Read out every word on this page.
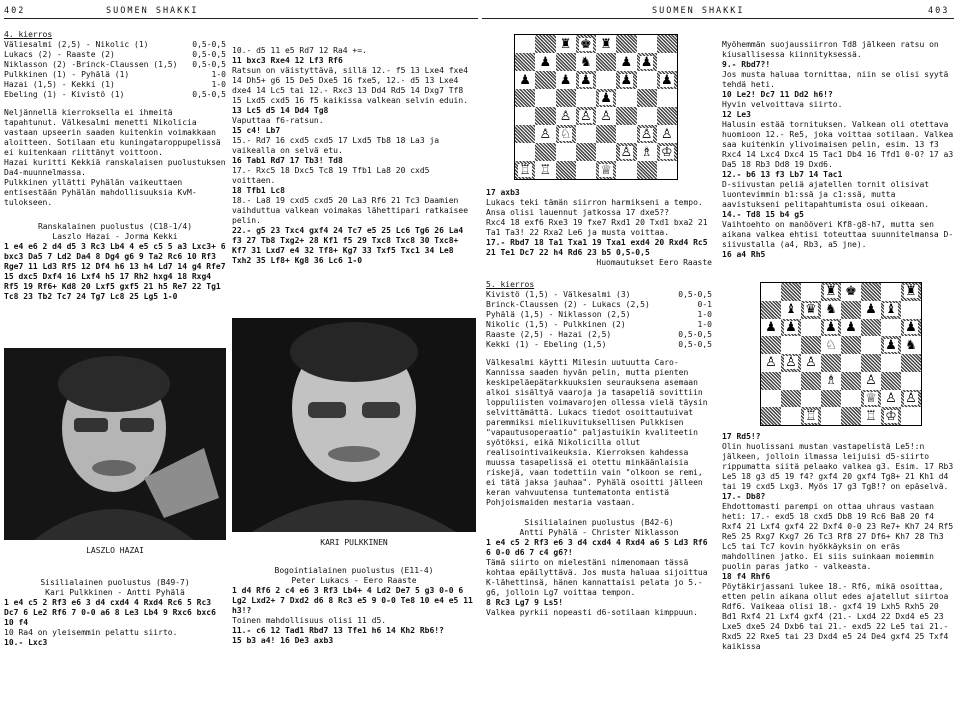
402	SUOMEN SHAKKI	SUOMEN SHAKKI	403
4. kierros
Väliesalmi (2,5) - Nikolic (1)	0,5-0,5
Lukacs (2) - Raaste (2)	0,5-0,5
Niklasson (2) -Brinck-Claussen (1,5) 0,5-0,5
Pulkkinen (1) - Pyhälä (1)	1-0
Hazai (1,5) - Kekki (1)	1-0
Ebeling (1) - Kivistö (1)	0,5-0,5
Neljännellä kierroksella ei ihmeitä tapahtunut. Välkesalmi menetti Nikolicia vastaan upseerin saaden kuitenkin voimakkaan aloitteen. Sotilaan etu kuningataroppupelissä ei kuitenkaan riittänyt voittoon.
Hazai kuritti Kekkiä ranskalaisen puolustuksen Da4-muunnelmassa.
Pulkkinen yllätti Pyhälän vaikeuttaen entisestään Pyhälän mahdollisuuksia KvM-tulokseen.
Ranskalainen puolustus (C18-1/4)
Laszlo Hazai - Jorma Kekki
1 e4 e6 2 d4 d5 3 Rc3 Lb4 4 e5 c5 5 a3 Lxc3+ 6 bxc3 Da5 7 Ld2 Da4 8 Dg4 g6 9 Ta2 Rc6 10 Rf3 Rge7 11 Ld3 Rf5 12 Df4 h6 13 h4 Ld7 14 g4 Rfe7 15 dxc5 Dxf4 16 Lxf4 h5 17 Rh2 hxg4 18 Rxg4 Rf5 19 Rf6+ Kd8 20 Lxf5 gxf5 21 h5 Re7 22 Tg1 Tc8 23 Tb2 Tc7 24 Tg7 Lc8 25 Lg5 1-0
LASZLO HAZAI
Sisilialainen puolustus (B49-7)
Kari Pulkkinen - Antti Pyhälä
1 e4 c5 2 Rf3 e6 3 d4 cxd4 4 Rxd4 Rc6 5 Rc3 Dc7 6 Le2 Rf6 7 0-0 a6 8 Le3 Lb4 9 Rxc6 bxc6 10 f4
10 Ra4 on yleisemmin pelattu siirto.
10.- Lxc3
10.- d5 11 e5 Rd7 12 Ra4 +=.
11 bxc3 Rxe4 12 Lf3 Rf6
Ratsun on väistyttävä, sillä 12.- f5 13 Lxe4 fxe4 14 Dh5+ g6 15 De5 Dxe5 16 fxe5, 12.- d5 13 Lxe4 dxe4 14 Lc5 tai 12.- Rxc3 13 Dd4 Rd5 14 Dxg7 Tf8 15 Lxd5 cxd5 16 f5 kaikissa valkean selvin eduin.
13 Lc5 d5 14 Dd4 Tg8
Vaputtaa f6-ratsun.
15 c4! Lb7
15.- Rd7 16 cxd5 cxd5 17 Lxd5 Tb8 18 La3 ja vaikealla on selvä etu.
16 Tab1 Rd7 17 Tb3! Td8
17.- Rxc5 18 Dxc5 Tc8 19 Tfb1 La8 20 cxd5 voittaen.
18 Tfb1 Lc8
18.- La8 19 cxd5 cxd5 20 La3 Rf6 21 Tc3 Daamien vaihduttua valkean voimakas lähettipari ratkaisee pelin.
22.- g5 23 Txc4 gxf4 24 Tc7 e5 25 Lc6 Tg6 26 La4 f3 27 Tb8 Txg2+ 28 Kf1 f5 29 Txc8 Txc8 30 Txc8+ Kf7 31 Lxd7 e4 32 Tf8+ Kg7 33 Txf5 Txc1 34 Le8 Txh2 35 Lf8+ Kg8 36 Lc6 1-0
KARI PULKKINEN
Bogointialainen puolustus (E11-4)
Peter Lukacs - Eero Raaste
1 d4 Rf6 2 c4 e6 3 Rf3 Lb4+ 4 Ld2 De7 5 g3 0-0 6 Lg2 Lxd2+ 7 Dxd2 d6 8 Rc3 e5 9 0-0 Te8 10 e4 e5 11 h3!?
Toinen mahdollisuus olisi 11 d5.
11.- c6 12 Tad1 Rbd7 13 Tfe1 h6 14 Kh2 Rb6!?
15 b3 a4! 16 De3 axb3
♜ ♚ ♜
♟ ♞ ♟ ♟
♟ ♟ ♟ ♟ ♟
♟
♙ ♙ ♙
♙ ♘	♙ ♙
♙ ♗ ♔
♖ ♖	♕
17 axb3
Lukacs teki tämän siirron harmikseni a tempo. Ansa olisi lauennut jatkossa 17 dxe5??
Rxc4 18 exf6 Rxe3 19 fxe7 Rxd1 20 Txd1 bxa2 21 Ta1 Ta3! 22 Rxa2 Le6 ja musta voittaa.
17.- Rbd7 18 Ta1 Txa1 19 Txa1 exd4 20 Rxd4 Rc5 21 Te1 Dc7 22 h4 Rd6 23 b5 0,5-0,5
Huomautukset Eero Raaste
5. kierros
Kivistö (1,5) - Välkesalmi (3)	0,5-0,5
Brinck-Claussen (2) - Lukacs (2,5)	0-1
Pyhälä (1,5) - Niklasson (2,5)	1-0
Nikolic (1,5) - Pulkkinen (2)	1-0
Raaste (2,5) - Hazai (2,5)	0,5-0,5
Kekki (1) - Ebeling (1,5)	0,5-0,5
Välkesalmi käytti Milesin uutuutta Caro-Kannissa saaden hyvän pelin, mutta pienten keskipeläepätarkkuuksien seurauksena asemaan alkoi sisältyä vaaroja ja tasapeliä sovittiin loppuliisten voimavarojen ollessa vielä täysin selvittämättä. Lukacs tiedot osoittautuivat paremmiksi mielikuvituksellisen Pulkkisen "vapautusoperaatio" paljastuikin kvaliteetin syötöksi, eikä Nikolicilla ollut realisointivaikeuksia. Kierroksen kahdessa muussa tasapelissä ei otettu minkäänlaisia riskejä, vaan todettiin vain "olkoon se remi, ei tätä jaksa jauhaa". Pyhälä osoitti jälleen keran vahvuutensa tuntematonta entistä Pohjoismaiden mestaria vastaan.
Sisilialainen puolustus (B42-6)
Antti Pyhälä - Christer Niklasson
1 e4 c5 2 Rf3 e6 3 d4 cxd4 4 Rxd4 a6 5 Ld3 Rf6 6 0-0 d6 7 c4 g6?!
Tämä siirto on mielestäni nimenomaan tässä kohtaa epäilyttävä. Jos musta haluaa sijoittua K-lähettinsä, hänen kannattaisi pelata jo 5.-g6, jolloin Lg7 voittaa tempon.
8 Rc3 Lg7 9 Ls5!
Valkea pyrkii nopeasti d6-sotilaan kimppuun.
Myöhemmän suojaussiirron Td8 jälkeen ratsu on kiusallisessa kiinnityksessä.
9.- Rbd7?!
Jos musta haluaa tornittaa, niin se olisi syytä tehdä heti.
10 Le2! Dc7 11 Dd2 h6!?
Hyvin velvoittava siirto.
12 Le3
Halusin estää tornituksen. Valkean oli otettava huomioon 12.- Re5, joka voittaa sotilaan. Valkea saa kuitenkin ylivoimaisen pelin, esim. 13 f3 Rxc4 14 Lxc4 Dxc4 15 Tac1 Db4 16 Tfd1 0-0? 17 a3 Da5 18 Rb3 Dd8 19 Dxd6.
12.- b6 13 f3 Lb7 14 Tac1
D-siivustan peliä ajatellen tornit olisivat luontevimmin b1:ssä ja c1:ssä, mutta aavistukseni pelitapahtumista osui oikeaan.
14.- Td8 15 b4 g5
Vaihtoehto on manööveri Kf8-g8-h7, mutta sen aikana valkea ehtisi toteuttaa suunnitelmansa D-siivustalla (a4, Rb3, a5 jne).
16 a4 Rh5
♜ ♚	♜
♝ ♛ ♞ ♟ ♝
♟ ♟ ♟ ♟	♟
♘	♟ ♞
♙ ♙ ♙
♗ ♙
♕ ♙ ♙
♖	♖ ♔
17 Rd5!?
Olin huolissani mustan vastapelistä Le5!:n jälkeen, jolloin ilmassa leijuisi d5-siirto rippumatta siitä pelaako valkea g3. Esim. 17 Rb3 Le5 18 g3 d5 19 f4? gxf4 20 gxf4 Tg8+ 21 Kh1 d4 tai 19 cxd5 Lxg3. Myös 17 g3 Tg8!? on epäselvä.
17.- Db8?
Ehdottomasti parempi on ottaa uhraus vastaan heti: 17.- exd5 18 cxd5 Db8 19 Rc6 Ba8 20 f4 Rxf4 21 Lxf4 gxf4 22 Dxf4 0-0 23 Re7+ Kh7 24 Rf5 Re5 25 Rxg7 Kxg7 26 Tc3 Rf8 27 Df6+ Kh7 28 Th3 Lc5 tai Tc7 kovin hyökkäyksin on eräs mahdollinen jatko. Ei siis suinkaan moiemmin puolin paras jatko - valkeasta.
18 f4 Rhf6
Pöytäkirjassani lukee 18.- Rf6, mikä osoittaa, etten pelin aikana ollut edes ajatellut siirtoa Rdf6. Vaikeaa olisi 18.- gxf4 19 Lxh5 Rxh5 20 Bd1 Rxf4 21 Lxf4 gxf4 (21.- Lxd4 22 Dxd4 e5 23 Lxe5 dxe5 24 Dxb6 tai 21.- exd5 22 Le5 tai 21.- Rxd5 22 Rxe5 tai 23 Dxd4 e5 24 De4 gxf4 25 Txf4 kaikissa
